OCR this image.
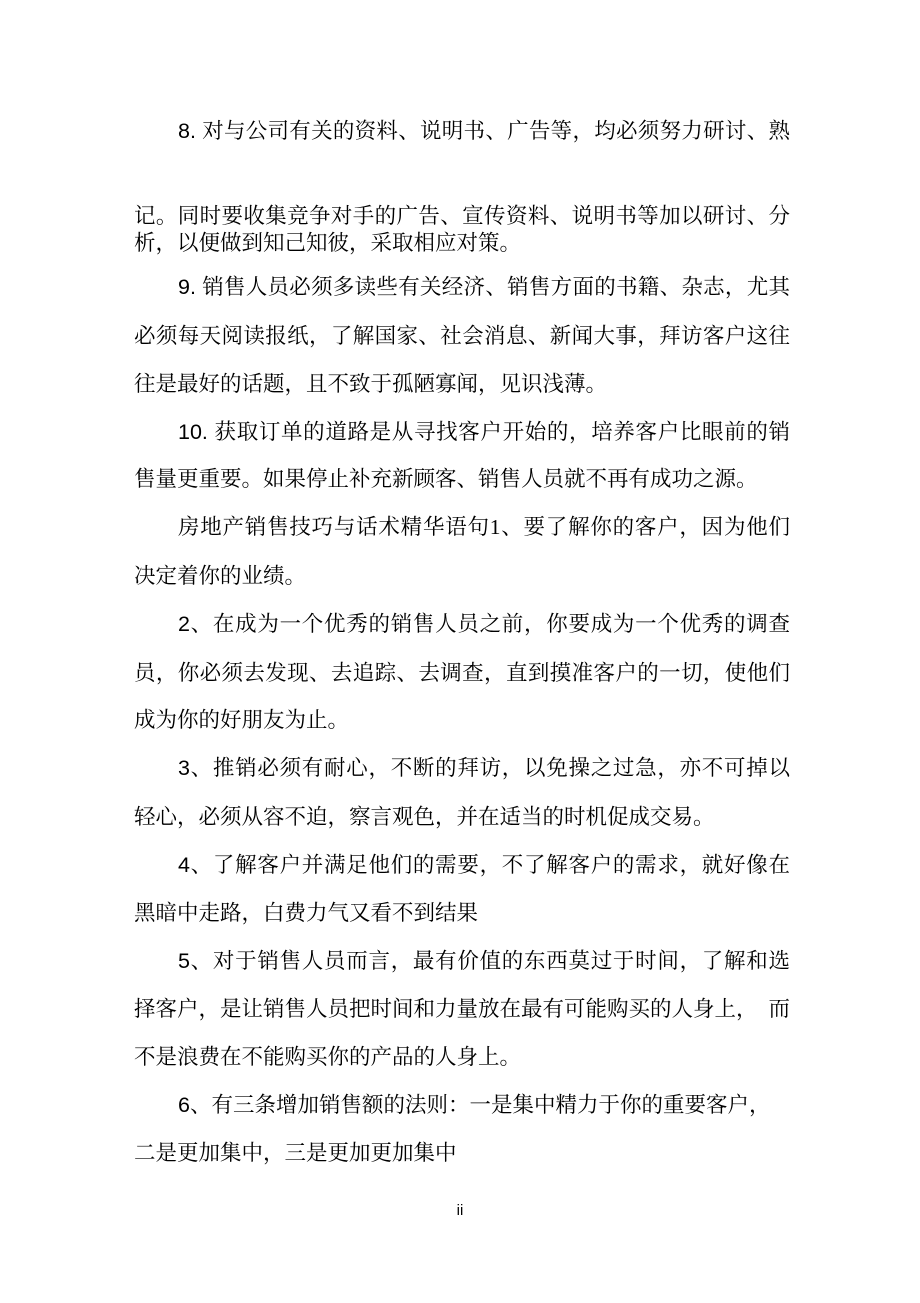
8. 对与公司有关的资料、说明书、广告等，均必须努力研讨、熟
记。同时要收集竞争对手的广告、宣传资料、说明书等加以研讨、分
析，以便做到知己知彼，采取相应对策。
9. 销售人员必须多读些有关经济、销售方面的书籍、杂志，尤其
必须每天阅读报纸，了解国家、社会消息、新闻大事，拜访客户这往
往是最好的话题，且不致于孤陋寡闻，见识浅薄。
10. 获取订单的道路是从寻找客户开始的，培养客户比眼前的销
售量更重要。如果停止补充新顾客、销售人员就不再有成功之源。
房地产销售技巧与话术精华语句1、要了解你的客户，因为他们
决定着你的业绩。
2、在成为一个优秀的销售人员之前，你要成为一个优秀的调查
员，你必须去发现、去追踪、去调查，直到摸准客户的一切，使他们
成为你的好朋友为止。
3、推销必须有耐心，不断的拜访，以免操之过急，亦不可掉以
轻心，必须从容不迫，察言观色，并在适当的时机促成交易。
4、了解客户并满足他们的需要，不了解客户的需求，就好像在
黑暗中走路，白费力气又看不到结果
5、对于销售人员而言，最有价值的东西莫过于时间，了解和选
择客户，是让销售人员把时间和力量放在最有可能购买的人身上， 而
不是浪费在不能购买你的产品的人身上。
6、有三条增加销售额的法则：一是集中精力于你的重要客户，
二是更加集中，三是更加更加集中
ii
